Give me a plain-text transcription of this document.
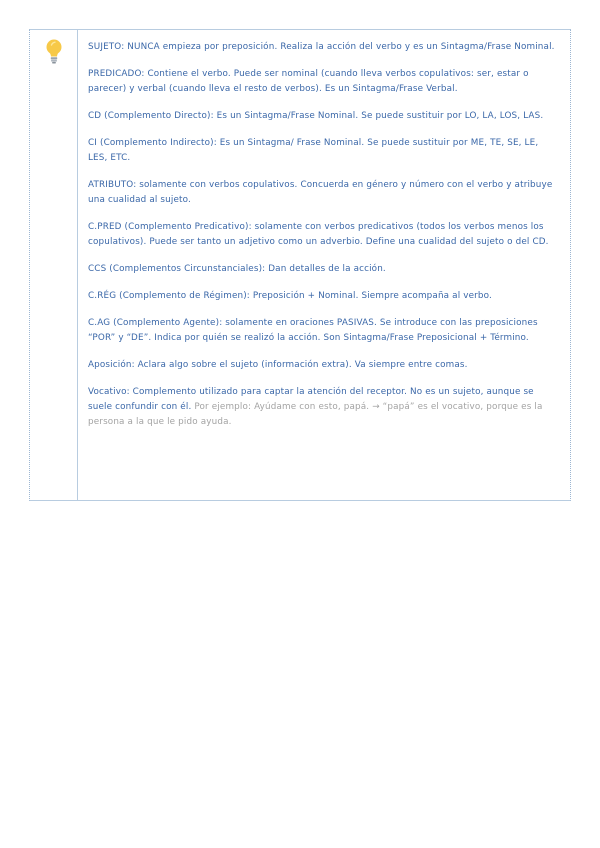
SUJETO: NUNCA empieza por preposición. Realiza la acción del verbo y es un Sintagma/Frase Nominal.

PREDICADO: Contiene el verbo. Puede ser nominal (cuando lleva verbos copulativos: ser, estar o parecer) y verbal (cuando lleva el resto de verbos). Es un Sintagma/Frase Verbal.

CD (Complemento Directo): Es un Sintagma/Frase Nominal. Se puede sustituir por LO, LA, LOS, LAS.

CI (Complemento Indirecto): Es un Sintagma/ Frase Nominal. Se puede sustituir por ME, TE, SE, LE, LES, ETC.

ATRIBUTO: solamente con verbos copulativos. Concuerda en género y número con el verbo y atribuye una cualidad al sujeto.

C.PRED (Complemento Predicativo): solamente con verbos predicativos (todos los verbos menos los copulativos). Puede ser tanto un adjetivo como un adverbio. Define una cualidad del sujeto o del CD.

CCS (Complementos Circunstanciales): Dan detalles de la acción.

C.RÉG (Complemento de Régimen): Preposición + Nominal. Siempre acompaña al verbo.

C.AG (Complemento Agente): solamente en oraciones PASIVAS. Se introduce con las preposiciones “POR” y “DE”. Indica por quién se realizó la acción. Son Sintagma/Frase Preposicional + Término.

Aposición: Aclara algo sobre el sujeto (información extra). Va siempre entre comas.

Vocativo: Complemento utilizado para captar la atención del receptor. No es un sujeto, aunque se suele confundir con él. Por ejemplo: Ayúdame con esto, papá. → “papá” es el vocativo, porque es la persona a la que le pido ayuda.
